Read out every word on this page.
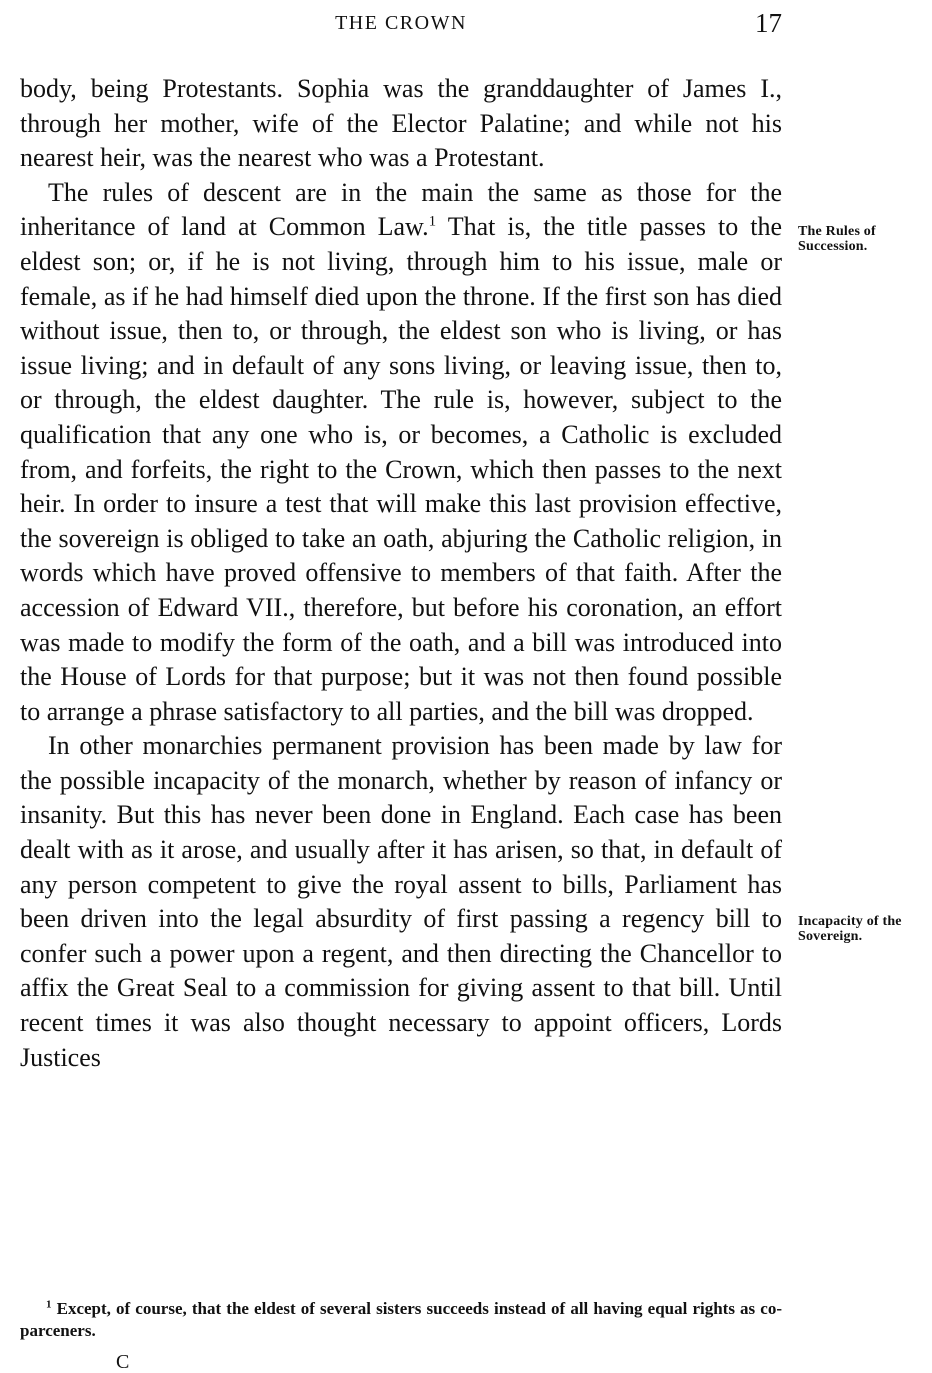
THE CROWN	17

body, being Protestants. Sophia was the granddaughter of James I., through her mother, wife of the Elector Palatine; and while not his nearest heir, was the nearest who was a Protestant.

The rules of descent are in the main the same as those for the inheritance of land at Common Law.$^1$ That is, the title passes to the eldest son; or, if he is not living, through him to his issue, male or female, as if he had himself died upon the throne. If the first son has died without issue, then to, or through, the eldest son who is living, or has issue living; and in default of any sons living, or leaving issue, then to, or through, the eldest daughter. The rule is, however, subject to the qualification that any one who is, or becomes, a Catholic is excluded from, and forfeits, the right to the Crown, which then passes to the next heir. In order to insure a test that will make this last provision effective, the sovereign is obliged to take an oath, abjuring the Catholic religion, in words which have proved offensive to members of that faith. After the accession of Edward VII., therefore, but before his coronation, an effort was made to modify the form of the oath, and a bill was introduced into the House of Lords for that purpose; but it was not then found possible to arrange a phrase satisfactory to all parties, and the bill was dropped.

In other monarchies permanent provision has been made by law for the possible incapacity of the monarch, whether by reason of infancy or insanity. But this has never been done in England. Each case has been dealt with as it arose, and usually after it has arisen, so that, in default of any person competent to give the royal assent to bills, Parliament has been driven into the legal absurdity of first passing a regency bill to confer such a power upon a regent, and then directing the Chancellor to affix the Great Seal to a commission for giving assent to that bill. Until recent times it was also thought necessary to appoint officers, Lords Justices

The Rules of Succession.
Incapacity of the Sovereign.

$^1$ Except, of course, that the eldest of several sisters succeeds instead of all having equal rights as co-parceners.

C
